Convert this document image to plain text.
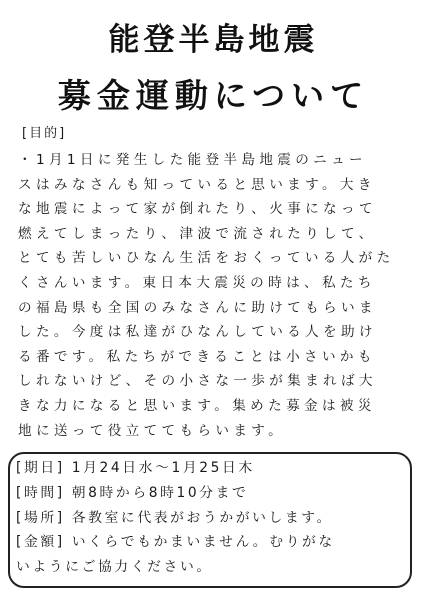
能登半島地震
募金運動について
[目的]
・1月1日に発生した能登半島地震のニュー
スはみなさんも知っていると思います。大き
な地震によって家が倒れたり、火事になって
燃えてしまったり、津波で流されたりして、
とても苦しいひなん生活をおくっている人がた
くさんいます。東日本大震災の時は、私たち
の福島県も全国のみなさんに助けてもらいま
した。今度は私達がひなんしている人を助け
る番です。私たちができることは小さいかも
しれないけど、その小さな一歩が集まれば大
きな力になると思います。集めた募金は被災
地に送って役立ててもらいます。
[期日] 1月24日水〜1月25日木
[時間] 朝8時から8時10分まで
[場所] 各教室に代表がおうかがいします。
[金額] いくらでもかまいません。むりがな
いようにご協力ください。
